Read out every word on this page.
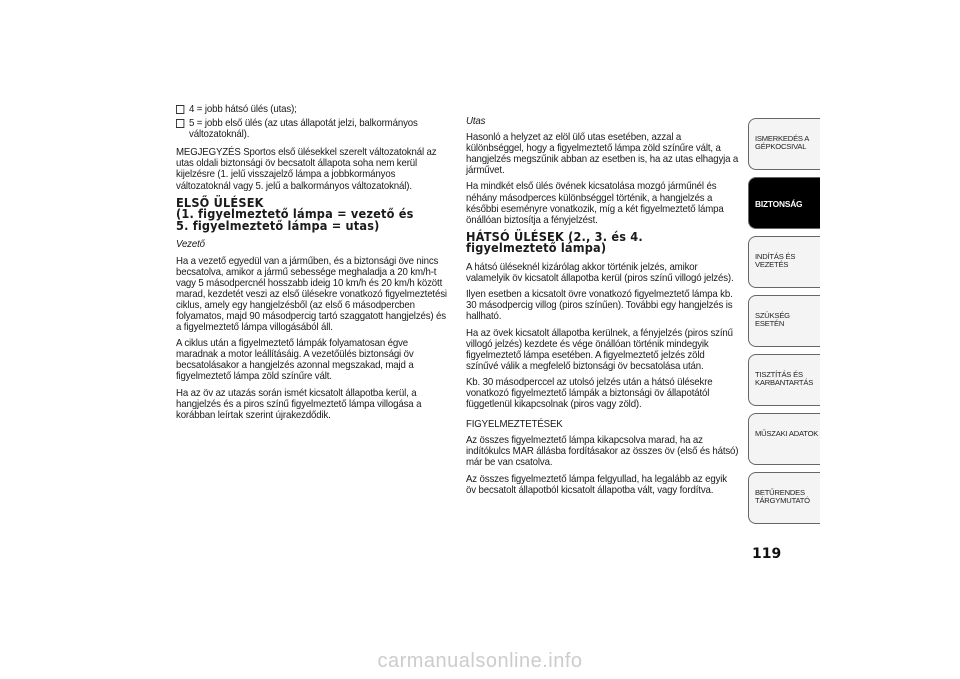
4 = jobb hátsó ülés (utas);
5 = jobb első ülés (az utas állapotát jelzi, balkormányos

változatoknál).

MEGJEGYZÉS Sportos első ülésekkel szerelt változatoknál az utas oldali biztonsági öv becsatolt állapota soha nem kerül kijelzésre (1. jelű visszajelző lámpa a jobbkormányos változatoknál vagy 5. jelű a balkormányos változatoknál).

ELSŐ ÜLÉSEK
(1. figyelmeztető lámpa = vezető és
5. figyelmeztető lámpa = utas)

Vezető

Ha a vezető egyedül van a járműben, és a biztonsági öve nincs becsatolva, amikor a jármű sebessége meghaladja a 20 km/h-t vagy 5 másodpercnél hosszabb ideig 10 km/h és 20 km/h között marad, kezdetét veszi az első ülésekre vonatkozó figyelmeztetési ciklus, amely egy hangjelzésből (az első 6 másodpercben folyamatos, majd 90 másodpercig tartó szaggatott hangjelzés) és a figyelmeztető lámpa villogásából áll.

A ciklus után a figyelmeztető lámpák folyamatosan égve maradnak a motor leállításáig. A vezetőülés biztonsági öv becsatolásakor a hangjelzés azonnal megszakad, majd a figyelmeztető lámpa zöld színűre vált.

Ha az öv az utazás során ismét kicsatolt állapotba kerül, a hangjelzés és a piros színű figyelmeztető lámpa villogása a korábban leírtak szerint újrakezdődik.

Utas

Hasonló a helyzet az elöl ülő utas esetében, azzal a különbséggel, hogy a figyelmeztető lámpa zöld színűre vált, a hangjelzés megszűnik abban az esetben is, ha az utas elhagyja a járművet.

Ha mindkét első ülés övének kicsatolása mozgó járműnél és néhány másodperces különbséggel történik, a hangjelzés a későbbi eseményre vonatkozik, míg a két figyelmeztető lámpa önállóan biztosítja a fényjelzést.

HÁTSÓ ÜLÉSEK (2., 3. és 4.
figyelmeztető lámpa)

A hátsó üléseknél kizárólag akkor történik jelzés, amikor valamelyik öv kicsatolt állapotba kerül (piros színű villogó jelzés).

Ilyen esetben a kicsatolt övre vonatkozó figyelmeztető lámpa kb. 30 másodpercig villog (piros színűen). További egy hangjelzés is hallható.

Ha az övek kicsatolt állapotba kerülnek, a fényjelzés (piros színű villogó jelzés) kezdete és vége önállóan történik mindegyik figyelmeztető lámpa esetében. A figyelmeztető jelzés zöld színűvé válik a megfelelő biztonsági öv becsatolása után.

Kb. 30 másodperccel az utolsó jelzés után a hátsó ülésekre vonatkozó figyelmeztető lámpák a biztonsági öv állapotától függetlenül kikapcsolnak (piros vagy zöld).

FIGYELMEZTETÉSEK

Az összes figyelmeztető lámpa kikapcsolva marad, ha az indítókulcs MAR állásba fordításakor az összes öv (első és hátsó) már be van csatolva.

Az összes figyelmeztető lámpa felgyullad, ha legalább az egyik öv becsatolt állapotból kicsatolt állapotba vált, vagy fordítva.

ISMERKEDÉS A
GÉPKOCSIVAL
BIZTONSÁG
INDÍTÁS ÉS VEZETÉS
SZÜKSÉG ESETÉN
TISZTÍTÁS ÉS
KARBANTARTÁS
MŰSZAKI ADATOK
BETŰRENDES
TÁRGYMUTATÓ
119
carmanualsonline.info
